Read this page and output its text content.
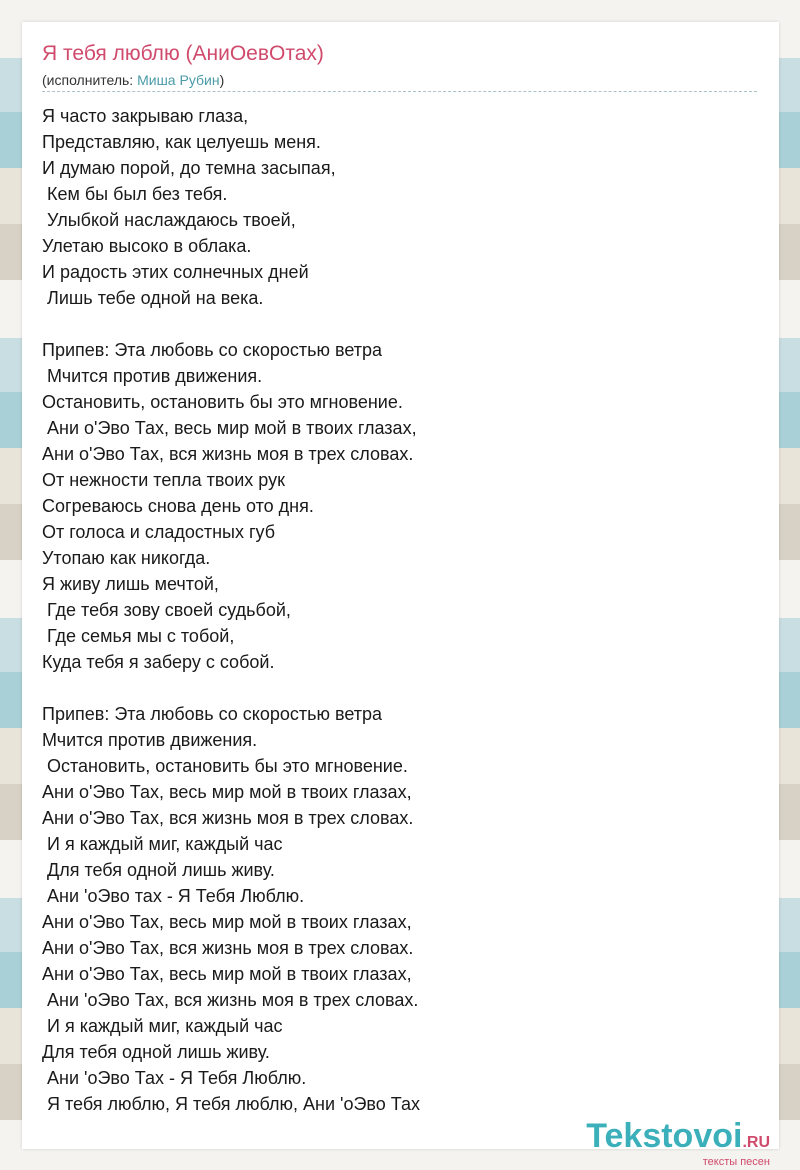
Я тебя люблю (АниОевОтах)
(исполнитель: Миша Рубин)
Я часто закрываю глаза,
Представляю, как целуешь меня.
И думаю порой, до темна засыпая,
Кем бы был без тебя.
Улыбкой наслаждаюсь твоей,
Улетаю высоко в облака.
И радость этих солнечных дней
Лишь тебе одной на века.

Припев: Эта любовь со скоростью ветра
Мчится против движения.
Остановить, остановить бы это мгновение.
Ани о'Эво Тах, весь мир мой в твоих глазах,
Ани о'Эво Тах, вся жизнь моя в трех словах.
От нежности тепла твоих рук
Согреваюсь снова день ото дня.
От голоса и сладостных губ
Утопаю как никогда.
Я живу лишь мечтой,
Где тебя зову своей судьбой,
Где семья мы с тобой,
Куда тебя я заберу с собой.

Припев: Эта любовь со скоростью ветра
Мчится против движения.
Остановить, остановить бы это мгновение.
Ани о'Эво Тах, весь мир мой в твоих глазах,
Ани о'Эво Тах, вся жизнь моя в трех словах.
И я каждый миг, каждый час
Для тебя одной лишь живу.
Ани 'оЭво тах - Я Тебя Люблю.
Ани о'Эво Тах, весь мир мой в твоих глазах,
Ани о'Эво Тах, вся жизнь моя в трех словах.
Ани о'Эво Тах, весь мир мой в твоих глазах,
Ани 'оЭво Тах, вся жизнь моя в трех словах.
И я каждый миг, каждый час
Для тебя одной лишь живу.
Ани 'оЭво Тах - Я Тебя Люблю.
Я тебя люблю, Я тебя люблю, Ани 'оЭво Тах
Tekstovoi.RU
тексты песен
